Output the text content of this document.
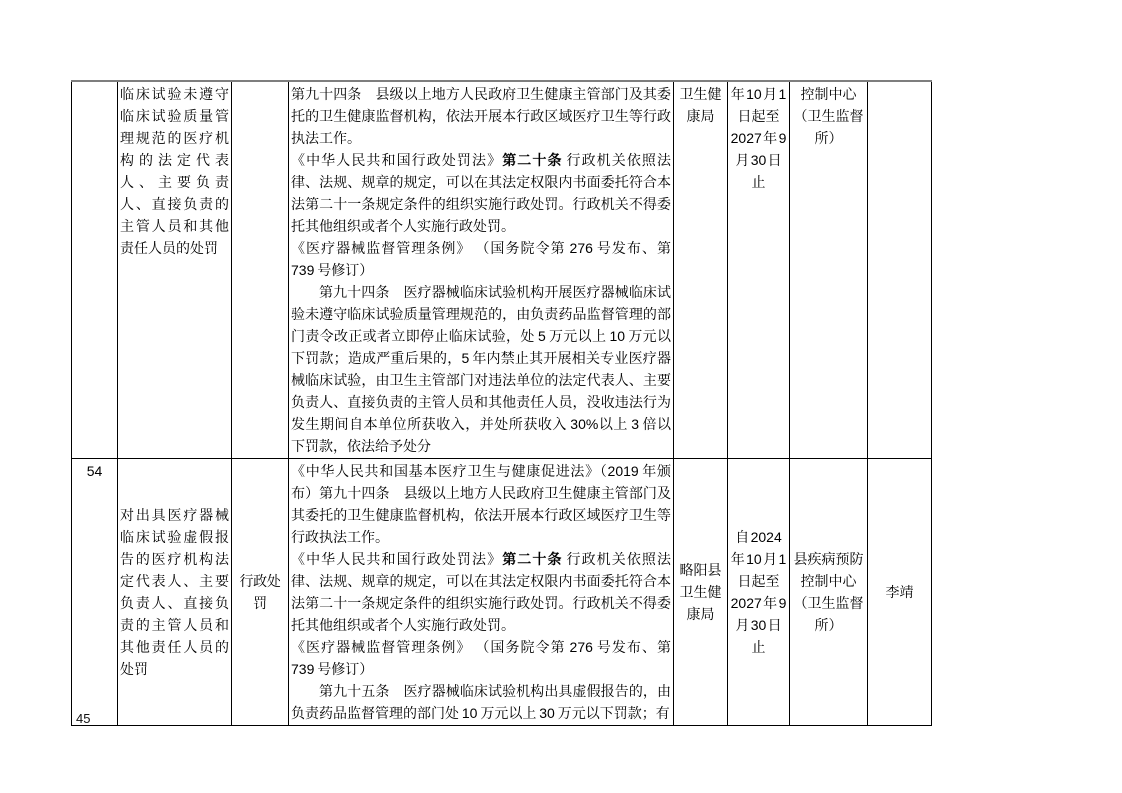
	临床试验未遵守临床试验质量管理规范的医疗机构的法定代表人、主要负责人、直接负责的主管人员和其他责任人员的处罚		第九十四条　县级以上地方人民政府卫生健康主管部门及其委托的卫生健康监督机构，依法开展本行政区域医疗卫生等行政执法工作。

《中华人民共和国行政处罚法》第二十条 行政机关依照法律、法规、规章的规定，可以在其法定权限内书面委托符合本法第二十一条规定条件的组织实施行政处罚。行政机关不得委托其他组织或者个人实施行政处罚。

《医疗器械监督管理条例》 （国务院令第 276 号发布、第 739 号修订）

第九十四条　医疗器械临床试验机构开展医疗器械临床试验未遵守临床试验质量管理规范的，由负责药品监督管理的部门责令改正或者立即停止临床试验，处 5 万元以上 10 万元以下罚款；造成严重后果的，5 年内禁止其开展相关专业医疗器械临床试验，由卫生主管部门对违法单位的法定代表人、主要负责人、直接负责的主管人员和其他责任人员，没收违法行为发生期间自本单位所获收入，并处所获收入 30%以上 3 倍以下罚款，依法给予处分	卫生健康局	年 10 月 1 日起至 2027 年 9 月 30 日止	控制中心（卫生监督所）	
54	对出具医疗器械临床试验虚假报告的医疗机构法定代表人、主要负责人、直接负责的主管人员和其他责任人员的处罚	行政处罚	《中华人民共和国基本医疗卫生与健康促进法》（2019 年颁布）第九十四条　县级以上地方人民政府卫生健康主管部门及其委托的卫生健康监督机构，依法开展本行政区域医疗卫生等行政执法工作。

《中华人民共和国行政处罚法》第二十条 行政机关依照法律、法规、规章的规定，可以在其法定权限内书面委托符合本法第二十一条规定条件的组织实施行政处罚。行政机关不得委托其他组织或者个人实施行政处罚。

《医疗器械监督管理条例》 （国务院令第 276 号发布、第 739 号修订）

第九十五条　医疗器械临床试验机构出具虚假报告的，由负责药品监督管理的部门处 10 万元以上 30 万元以下罚款；有	略阳县卫生健康局	自 2024 年 10 月 1 日起至 2027 年 9 月 30 日止	县疾病预防控制中心（卫生监督所）	李靖
45
